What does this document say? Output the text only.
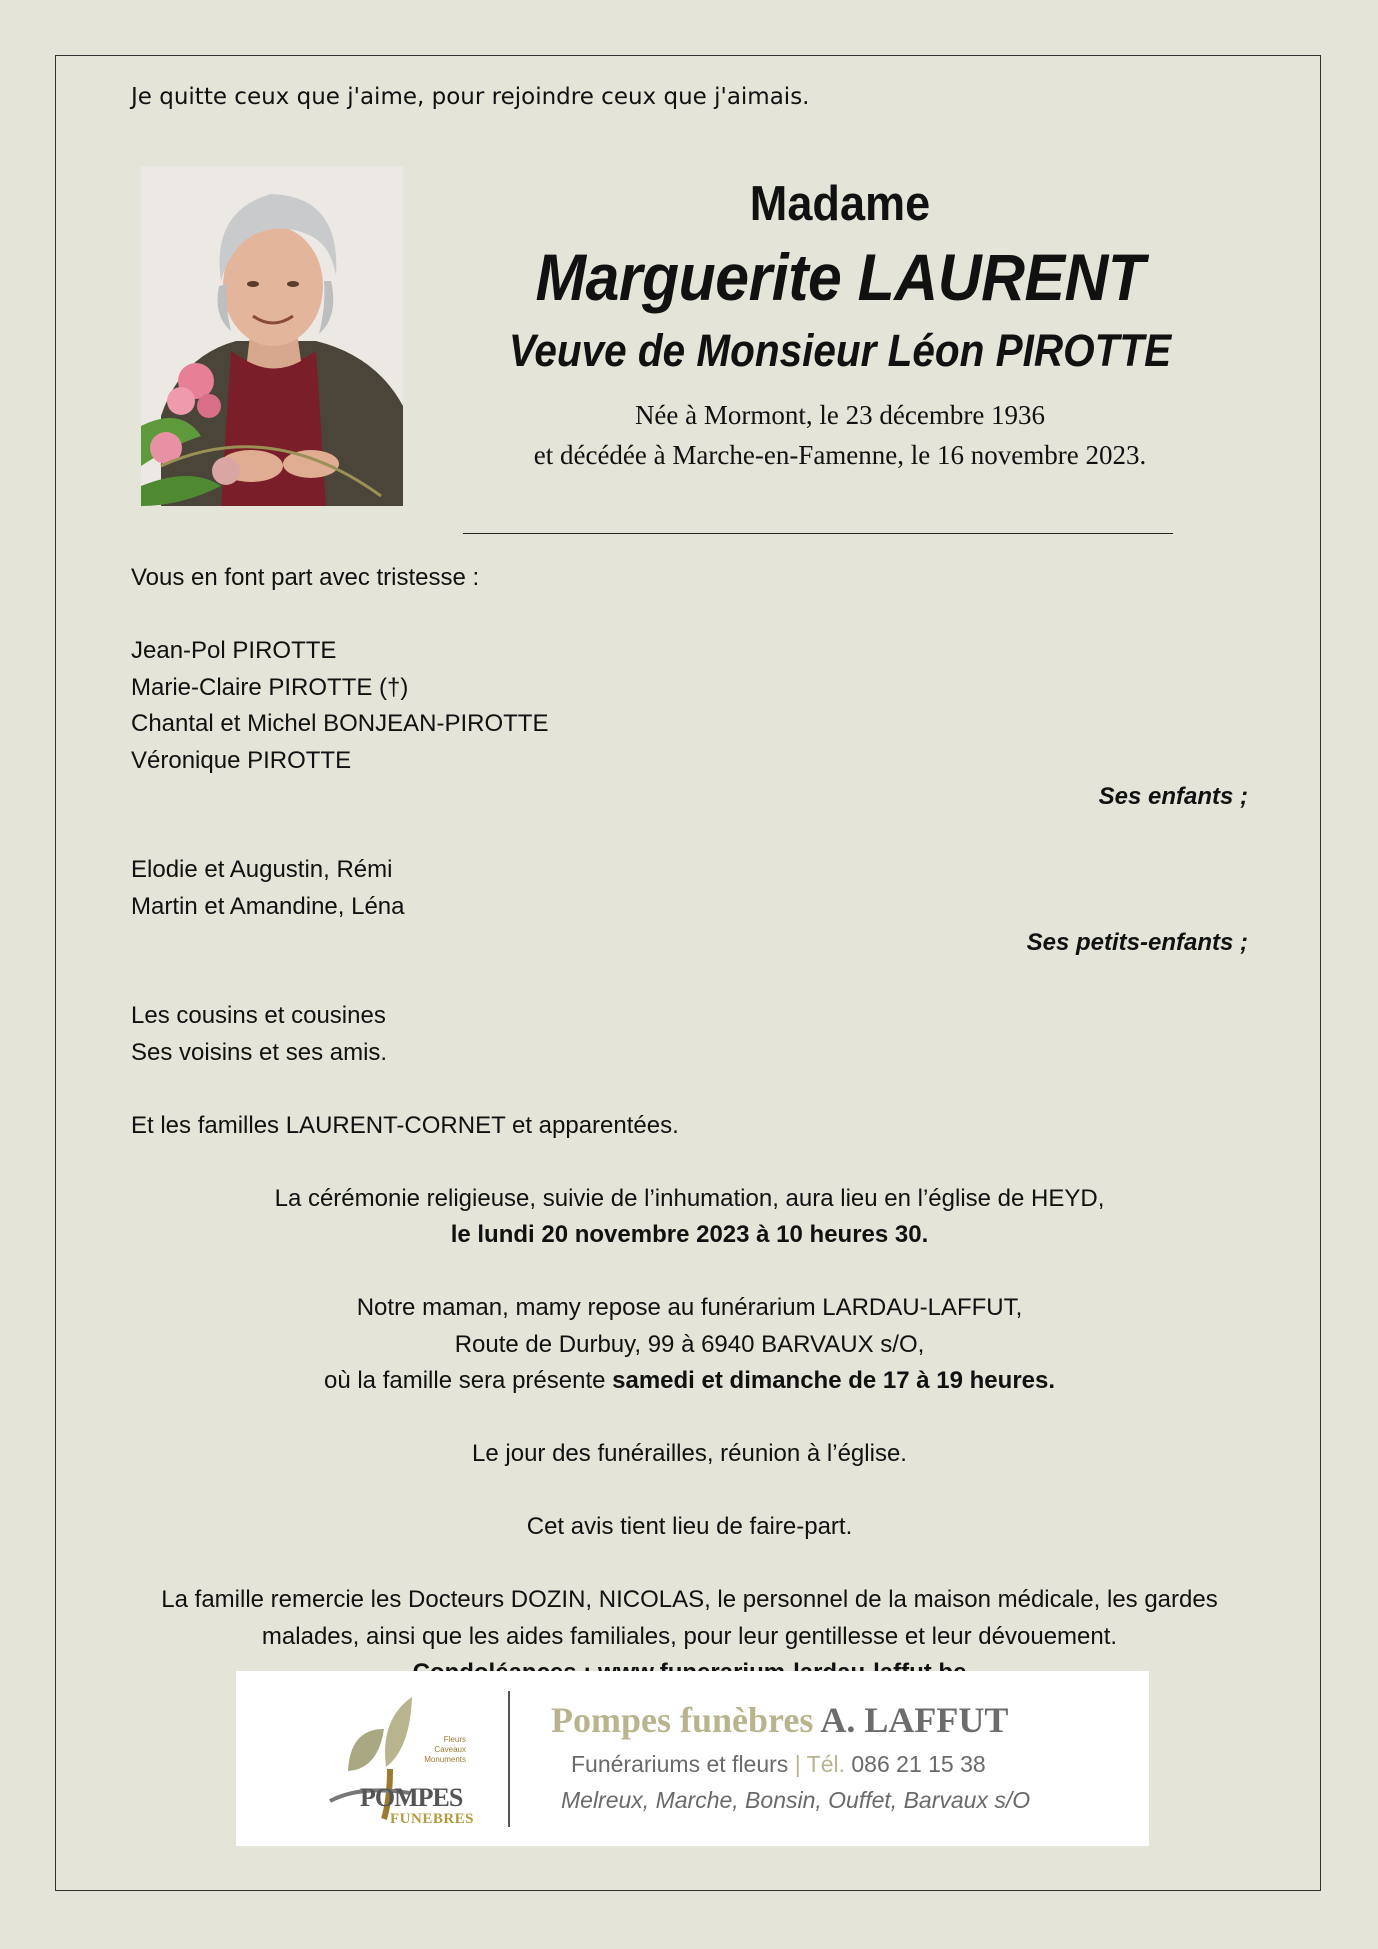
Je quitte ceux que j'aime, pour rejoindre ceux que j'aimais.
Madame
Marguerite LAURENT
Veuve de Monsieur Léon PIROTTE
Née à Mormont, le 23 décembre 1936
et décédée à Marche-en-Famenne, le 16 novembre 2023.
Vous en font part avec tristesse :

Jean-Pol PIROTTE
Marie-Claire PIROTTE (†)
Chantal et Michel BONJEAN-PIROTTE
Véronique PIROTTE
Ses enfants ;

Elodie et Augustin, Rémi
Martin et Amandine, Léna
Ses petits-enfants ;

Les cousins et cousines
Ses voisins et ses amis.

Et les familles LAURENT-CORNET et apparentées.

La cérémonie religieuse, suivie de l’inhumation, aura lieu en l’église de HEYD,
le lundi 20 novembre 2023 à 10 heures 30.

Notre maman, mamy repose au funérarium LARDAU-LAFFUT,
Route de Durbuy, 99 à 6940 BARVAUX s/O,
où la famille sera présente samedi et dimanche de 17 à 19 heures.

Le jour des funérailles, réunion à l’église.

Cet avis tient lieu de faire-part.

La famille remercie les Docteurs DOZIN, NICOLAS, le personnel de la maison médicale, les gardes
malades, ainsi que les aides familiales, pour leur gentillesse et leur dévouement.
Fleurs
Caveaux
Monuments
POMPES
FUNEBRES
Pompes funèbres A. LAFFUT
Funérariums et fleurs | Tél. 086 21 15 38
Melreux, Marche, Bonsin, Ouffet, Barvaux s/O
